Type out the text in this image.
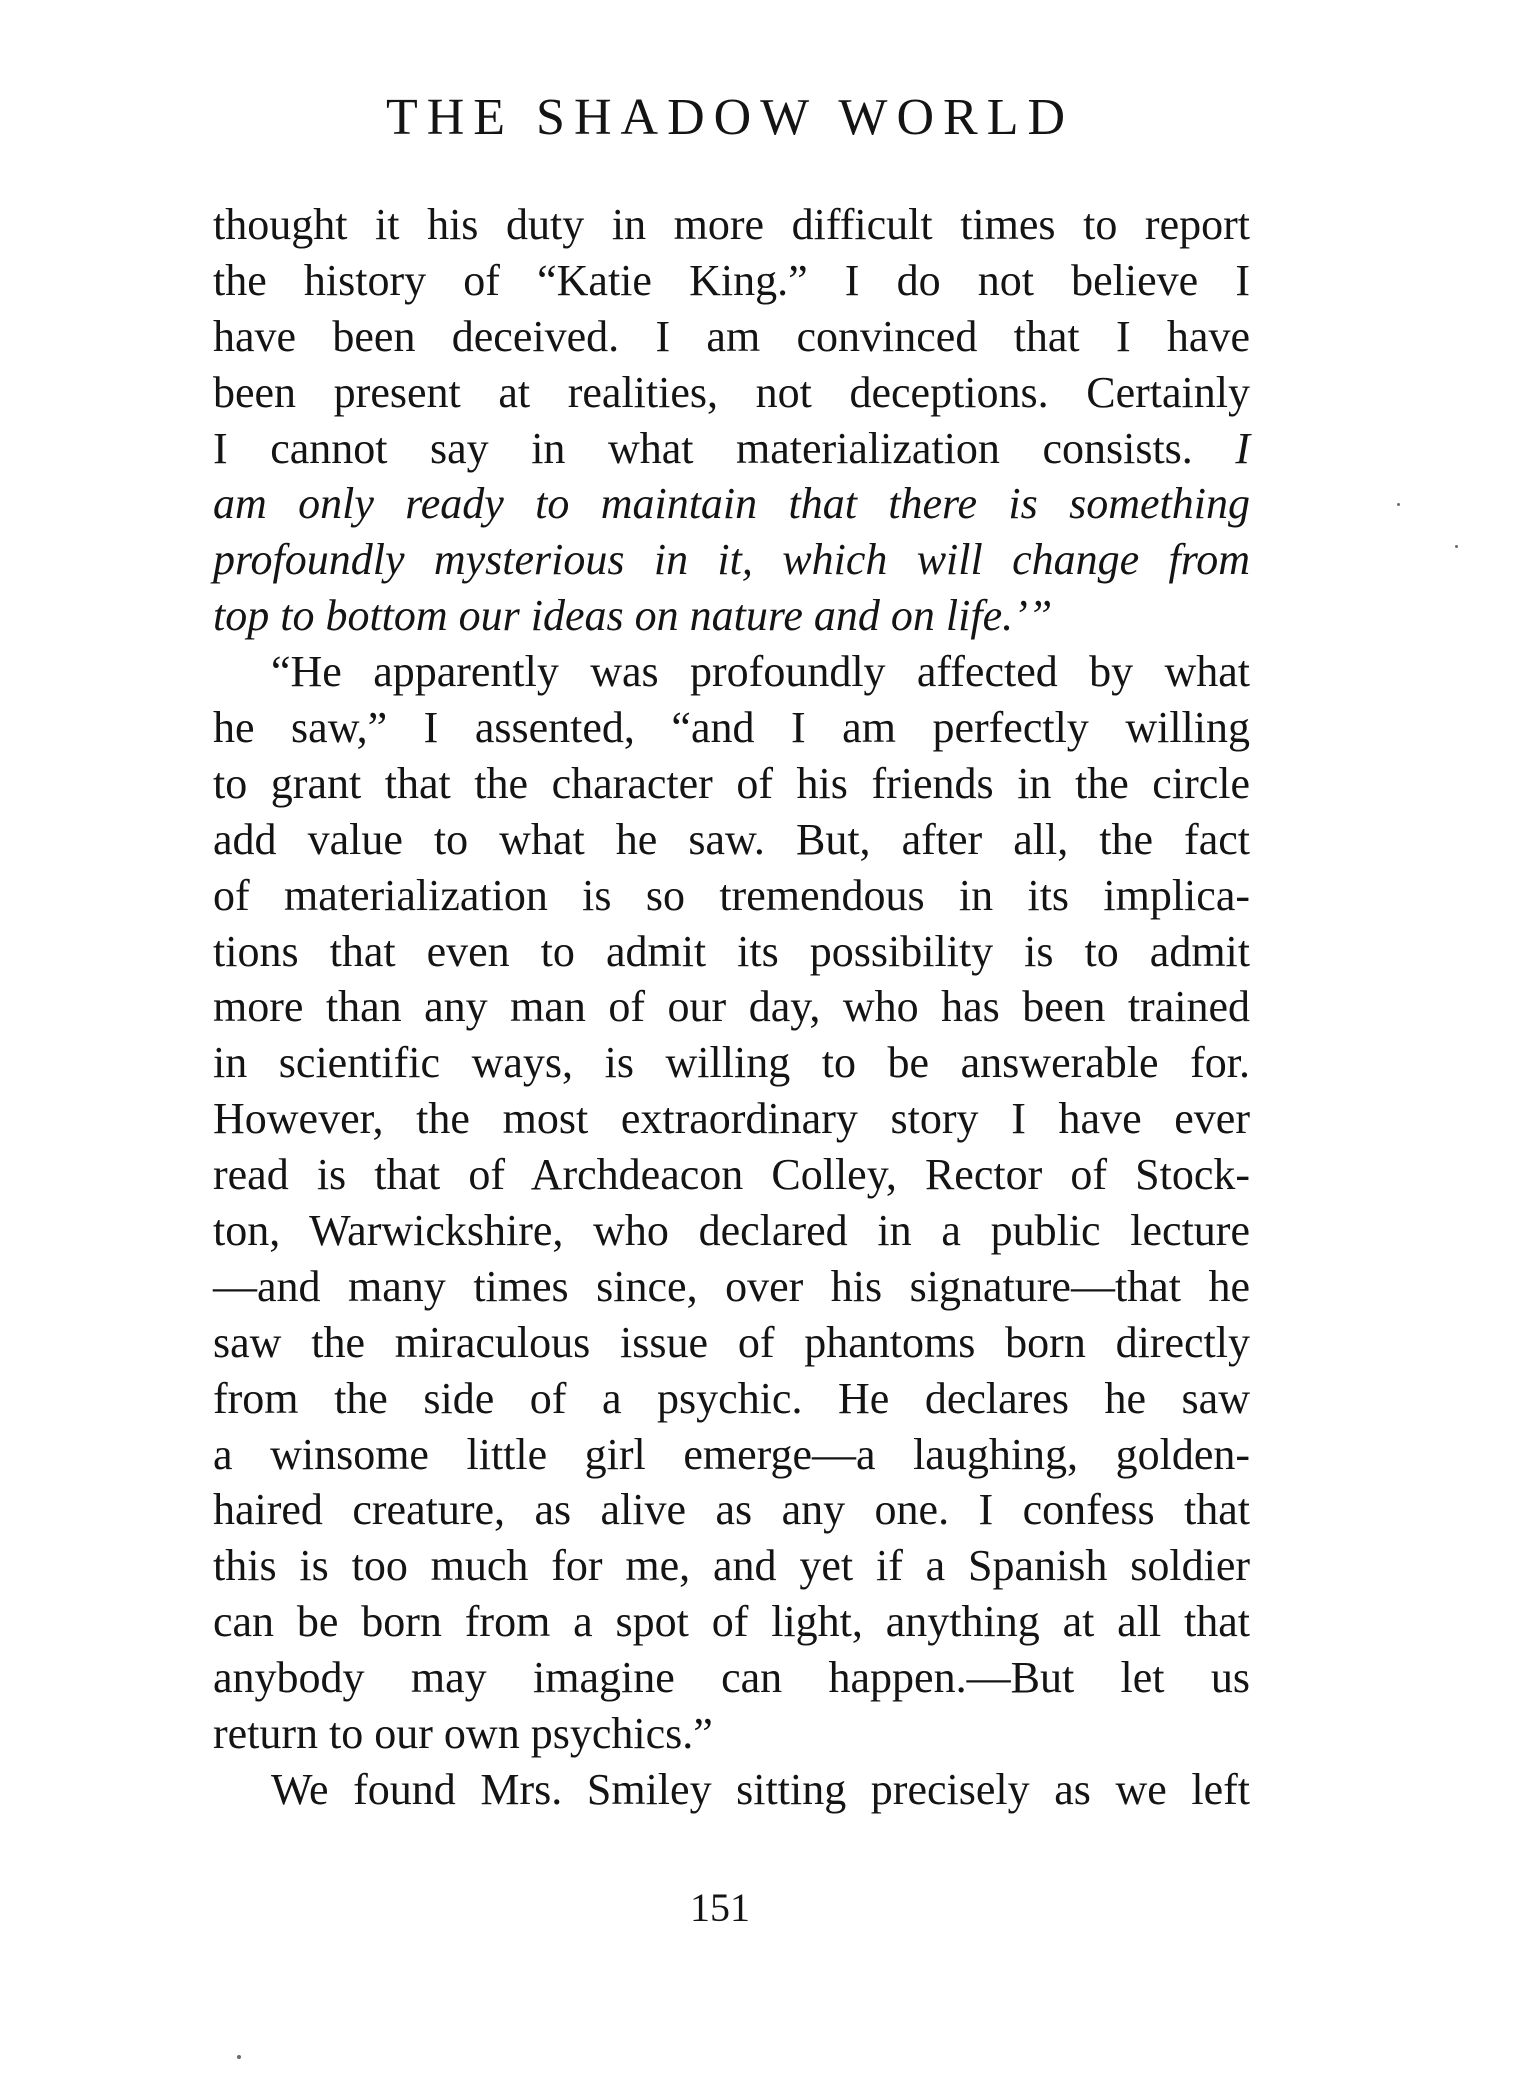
THE SHADOW WORLD
thought it his duty in more difficult times to report
the history of “Katie King.” I do not believe I
have been deceived. I am convinced that I have
been present at realities, not deceptions. Certainly
I cannot say in what materialization consists. I
am only ready to maintain that there is something
profoundly mysterious in it, which will change from
top to bottom our ideas on nature and on life.’”
“He apparently was profoundly affected by what
he saw,” I assented, “and I am perfectly willing
to grant that the character of his friends in the circle
add value to what he saw. But, after all, the fact
of materialization is so tremendous in its implica-
tions that even to admit its possibility is to admit
more than any man of our day, who has been trained
in scientific ways, is willing to be answerable for.
However, the most extraordinary story I have ever
read is that of Archdeacon Colley, Rector of Stock-
ton, Warwickshire, who declared in a public lecture
—and many times since, over his signature—that he
saw the miraculous issue of phantoms born directly
from the side of a psychic. He declares he saw
a winsome little girl emerge—a laughing, golden-
haired creature, as alive as any one. I confess that
this is too much for me, and yet if a Spanish soldier
can be born from a spot of light, anything at all that
anybody may imagine can happen.—But let us
return to our own psychics.”
We found Mrs. Smiley sitting precisely as we left
151
